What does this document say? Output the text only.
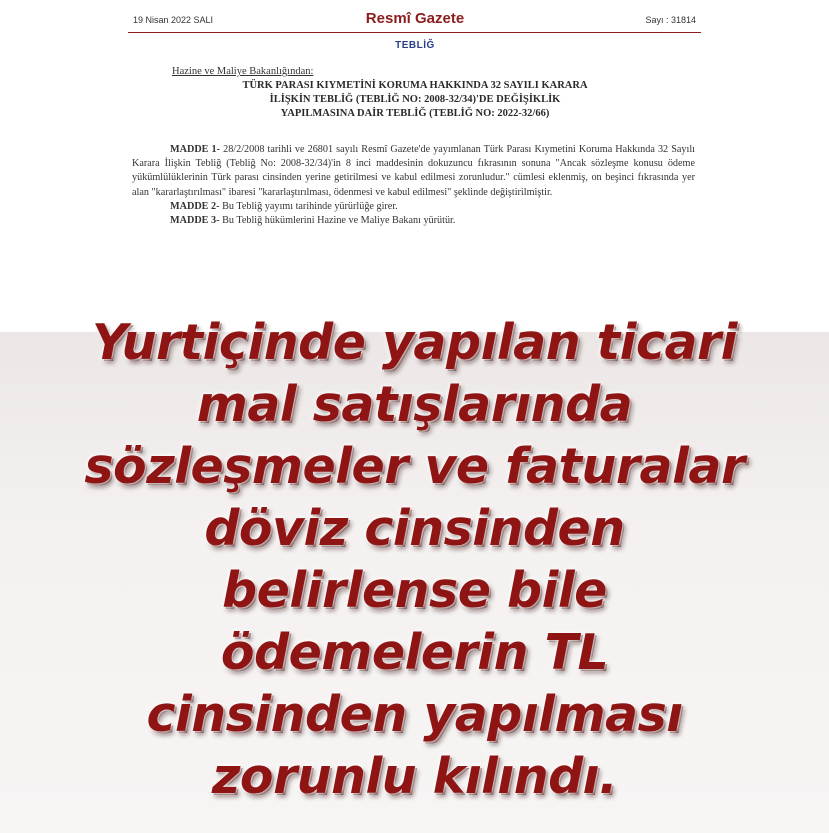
19 Nisan 2022 SALI	Resmî Gazete	Sayı : 31814
TEBLİĞ
Hazine ve Maliye Bakanlığından:
TÜRK PARASI KIYMETİNİ KORUMA HAKKINDA 32 SAYILI KARARA
İLİŞKİN TEBLİĞ (TEBLİĞ NO: 2008-32/34)'DE DEĞİŞİKLİK
YAPILMASINA DAİR TEBLİĞ (TEBLİĞ NO: 2022-32/66)

MADDE 1- 28/2/2008 tarihli ve 26801 sayılı Resmî Gazete'de yayımlanan Türk Parası Kıymetini Koruma Hakkında 32 Sayılı Karara İlişkin Tebliğ (Tebliğ No: 2008-32/34)'in 8 inci maddesinin dokuzuncu fıkrasının sonuna "Ancak sözleşme konusu ödeme yükümlülüklerinin Türk parası cinsinden yerine getirilmesi ve kabul edilmesi zorunludur." cümlesi eklenmiş, on beşinci fıkrasında yer alan "kararlaştırılması" ibaresi "kararlaştırılması, ödenmesi ve kabul edilmesi" şeklinde değiştirilmiştir.

MADDE 2- Bu Tebliğ yayımı tarihinde yürürlüğe girer.

MADDE 3- Bu Tebliğ hükümlerini Hazine ve Maliye Bakanı yürütür.

Yurtiçinde yapılan ticari
mal satışlarında
sözleşmeler ve faturalar
döviz cinsinden
belirlense bile
ödemelerin TL
cinsinden yapılması
zorunlu kılındı.
